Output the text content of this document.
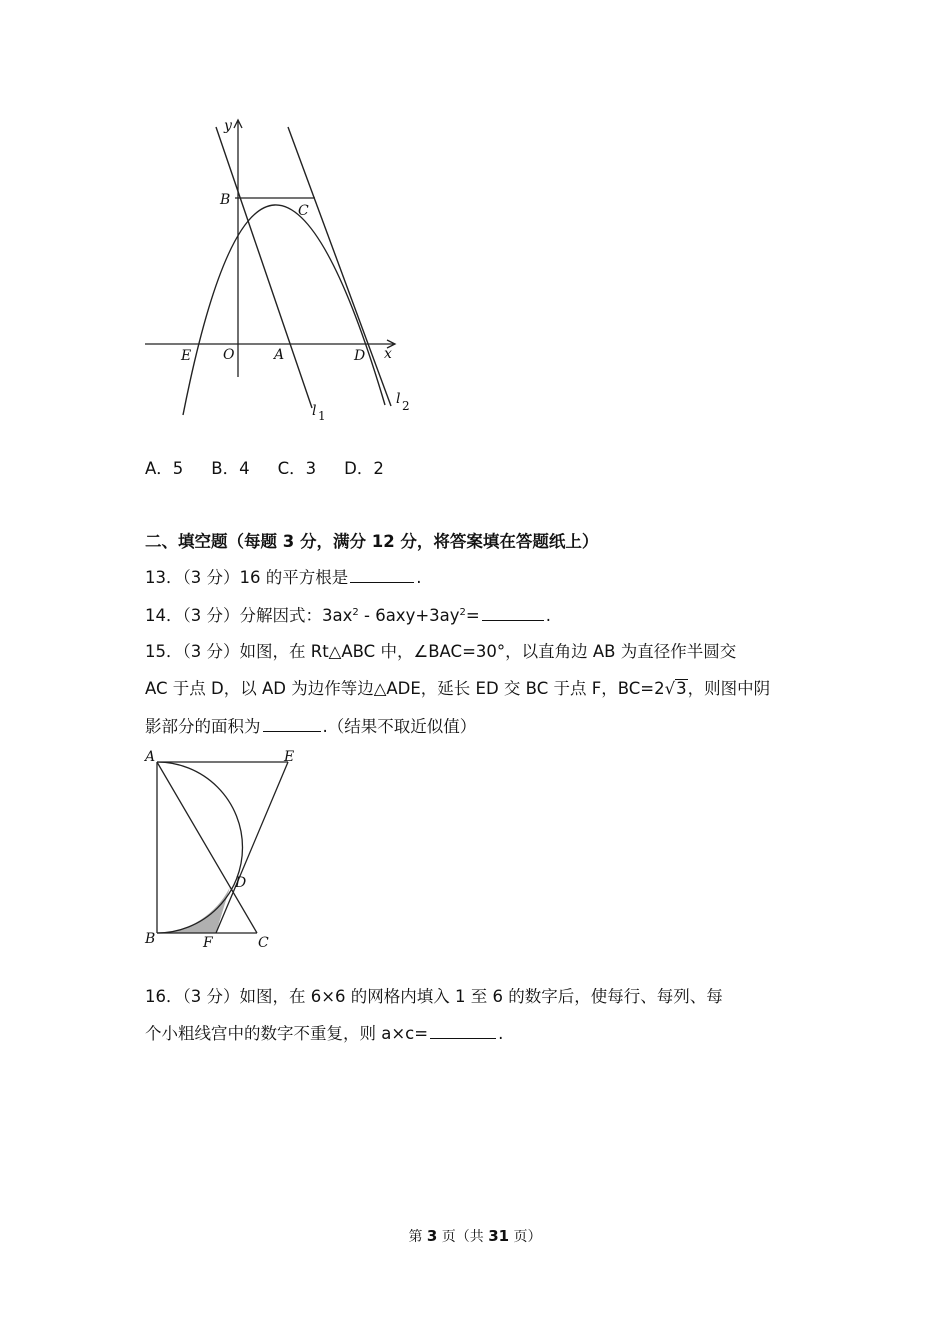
y
x
B
C
E O	A	D
l 1
l 2
A．5 B．4 C．3 D．2
二、填空题（每题 3 分，满分 12 分，将答案填在答题纸上）
13．（3 分）16 的平方根是	.
14．（3 分）分解因式：$3ax^2 - 6axy+3ay^2=$	.
15．（3 分）如图，在 Rt△ABC 中，∠BAC=30°，以直角边 AB 为直径作半圆交
AC 于点 D，以 AD 为边作等边△ADE，延长 ED 交 BC 于点 F，BC=2√3，则图中阴
影部分的面积为	.（结果不取近似值）
A	E
D
B	F	C
16．（3 分）如图，在 6×6 的网格内填入 1 至 6 的数字后，使每行、每列、每
个小粗线宫中的数字不重复，则 a×c=	.
第 3 页（共 31 页）
